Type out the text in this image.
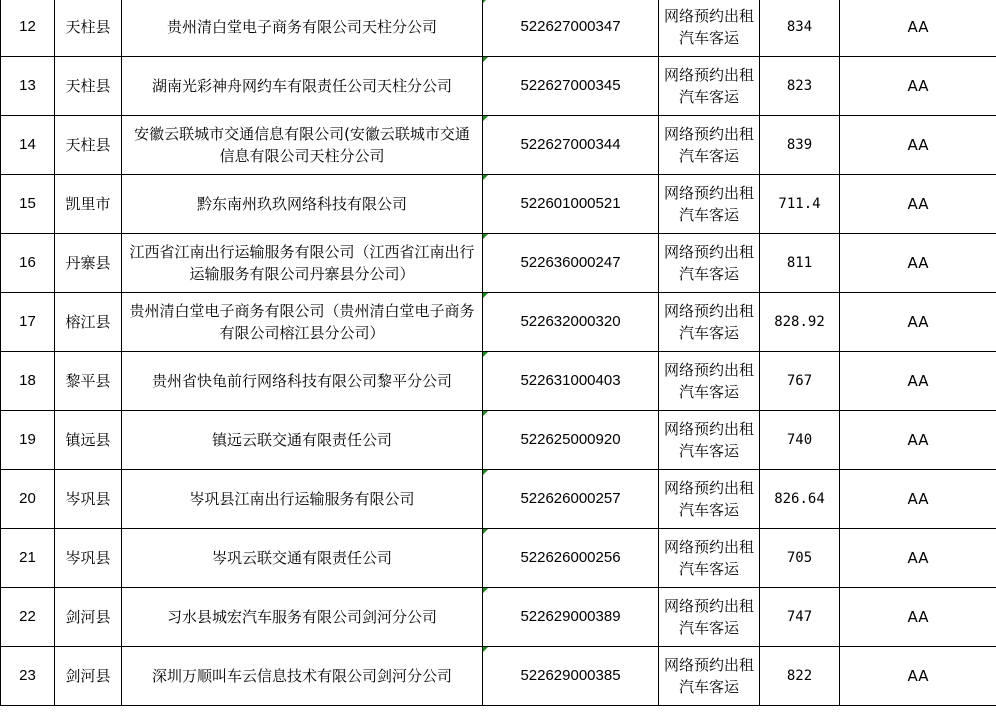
12	天柱县	贵州清白堂电子商务有限公司天柱分公司	522627000347	网络预约出租汽车客运	834	AA
13	天柱县	湖南光彩神舟网约车有限责任公司天柱分公司	522627000345	网络预约出租汽车客运	823	AA
14	天柱县	安徽云联城市交通信息有限公司(安徽云联城市交通信息有限公司天柱分公司	522627000344	网络预约出租汽车客运	839	AA
15	凯里市	黔东南州玖玖网络科技有限公司	522601000521	网络预约出租汽车客运	711.4	AA
16	丹寨县	江西省江南出行运输服务有限公司（江西省江南出行运输服务有限公司丹寨县分公司）	522636000247	网络预约出租汽车客运	811	AA
17	榕江县	贵州清白堂电子商务有限公司（贵州清白堂电子商务有限公司榕江县分公司）	522632000320	网络预约出租汽车客运	828.92	AA
18	黎平县	贵州省快龟前行网络科技有限公司黎平分公司	522631000403	网络预约出租汽车客运	767	AA
19	镇远县	镇远云联交通有限责任公司	522625000920	网络预约出租汽车客运	740	AA
20	岑巩县	岑巩县江南出行运输服务有限公司	522626000257	网络预约出租汽车客运	826.64	AA
21	岑巩县	岑巩云联交通有限责任公司	522626000256	网络预约出租汽车客运	705	AA
22	剑河县	习水县城宏汽车服务有限公司剑河分公司	522629000389	网络预约出租汽车客运	747	AA
23	剑河县	深圳万顺叫车云信息技术有限公司剑河分公司	522629000385	网络预约出租汽车客运	822	AA
